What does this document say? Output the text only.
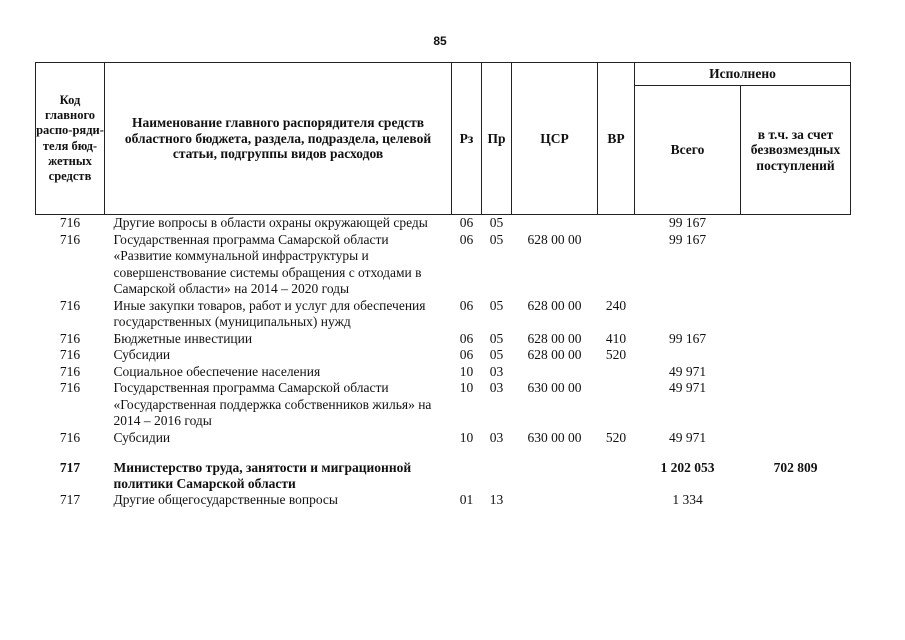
85
Код главного распо-ряди-теля бюд-жетных средств	Наименование главного распорядителя средств областного бюджета, раздела, подраздела, целевой статьи, подгруппы видов расходов	Рз	Пр	ЦСР	ВР	Исполнено	
						Всего	в т.ч. за счет безвозмездных поступлений
716	Другие вопросы в области охраны окружающей среды	06	05			99 167	
716	Государственная программа Самарской области «Развитие коммунальной инфраструктуры и совершенствование системы обращения с отходами в Самарской области» на 2014 – 2020 годы	06	05	628 00 00		99 167	
716	Иные закупки товаров, работ и услуг для обеспечения государственных (муниципальных) нужд	06	05	628 00 00	240		
716	Бюджетные инвестиции	06	05	628 00 00	410	99 167	
716	Субсидии	06	05	628 00 00	520		
716	Социальное обеспечение населения	10	03			49 971	
716	Государственная программа Самарской области «Государственная поддержка собственников жилья» на 2014 – 2016 годы	10	03	630 00 00		49 971	
716	Субсидии	10	03	630 00 00	520	49 971	
717	Министерство труда, занятости и миграционной политики Самарской области					1 202 053	702 809
717	Другие общегосударственные вопросы	01	13			1 334	
